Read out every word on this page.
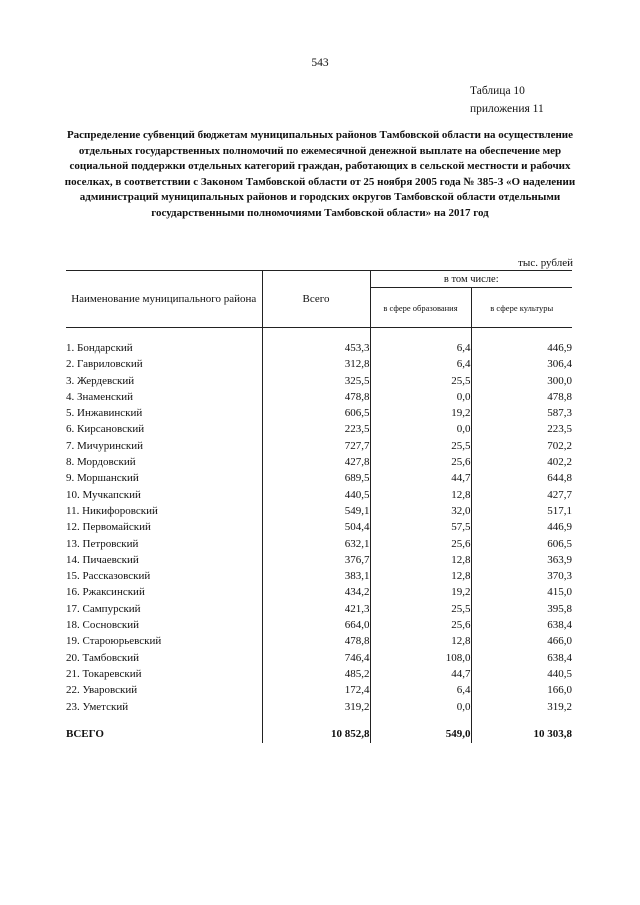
543
Таблица 10
приложения 11
Распределение субвенций бюджетам муниципальных районов Тамбовской области на осуществление отдельных государственных полномочий по ежемесячной денежной выплате на обеспечение мер социальной поддержки отдельных категорий граждан, работающих в сельской местности и рабочих поселках, в соответствии с Законом Тамбовской области от 25 ноября 2005 года № 385-З «О наделении администраций муниципальных районов и городских округов Тамбовской области отдельными государственными полномочиями Тамбовской области» на 2017 год
тыс. рублей
Наименование муниципального района	Всего	в том числе:	
		в сфере образования	в сфере культуры
1. Бондарский	453,3	6,4	446,9
2. Гавриловский	312,8	6,4	306,4
3. Жердевский	325,5	25,5	300,0
4. Знаменский	478,8	0,0	478,8
5. Инжавинский	606,5	19,2	587,3
6. Кирсановский	223,5	0,0	223,5
7. Мичуринский	727,7	25,5	702,2
8. Мордовский	427,8	25,6	402,2
9. Моршанский	689,5	44,7	644,8
10. Мучкапский	440,5	12,8	427,7
11. Никифоровский	549,1	32,0	517,1
12. Первомайский	504,4	57,5	446,9
13. Петровский	632,1	25,6	606,5
14. Пичаевский	376,7	12,8	363,9
15. Рассказовский	383,1	12,8	370,3
16. Ржаксинский	434,2	19,2	415,0
17. Сампурский	421,3	25,5	395,8
18. Сосновский	664,0	25,6	638,4
19. Староюрьевский	478,8	12,8	466,0
20. Тамбовский	746,4	108,0	638,4
21. Токаревский	485,2	44,7	440,5
22. Уваровский	172,4	6,4	166,0
23. Уметский	319,2	0,0	319,2

ВСЕГО	10 852,8	549,0	10 303,8
